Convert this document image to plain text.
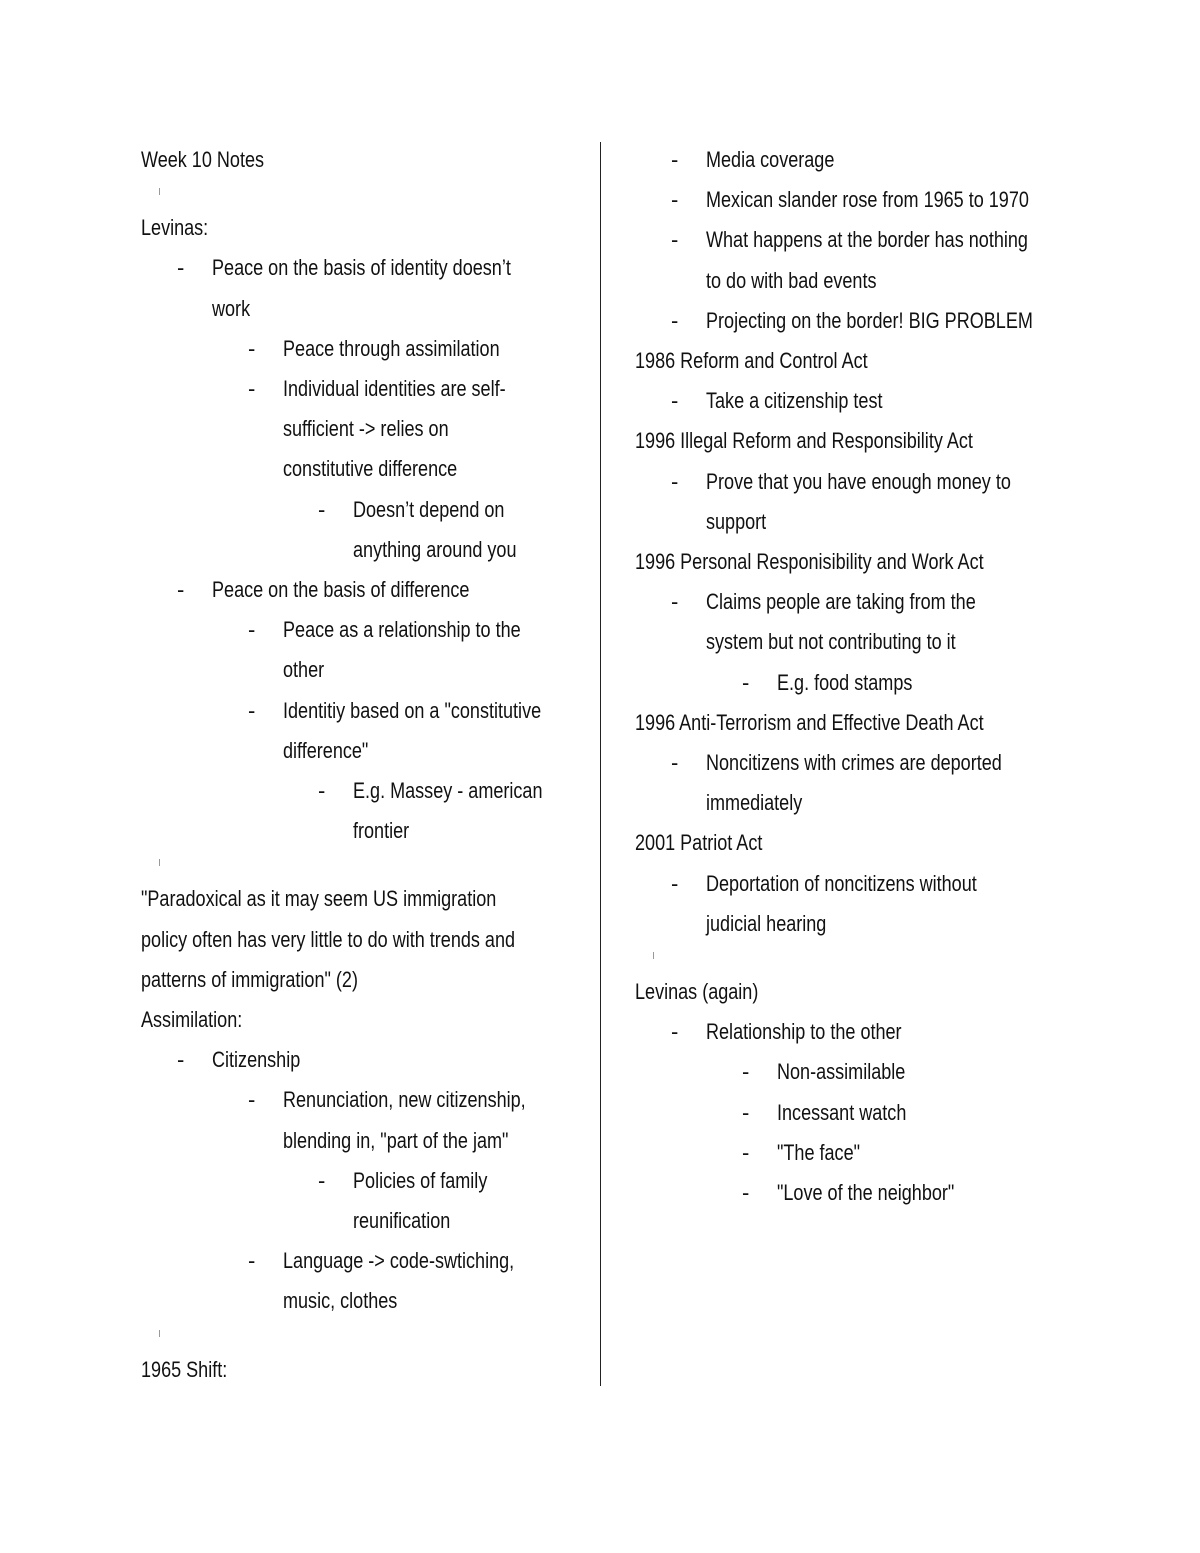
Week 10 Notes
Levinas:
- Peace on the basis of identity doesn’t
work
- Peace through assimilation
- Individual identities are self-
sufficient -> relies on
constitutive difference
- Doesn’t depend on
anything around you
- Peace on the basis of difference
- Peace as a relationship to the
other
- Identitiy based on a "constitutive
difference"
- E.g. Massey - american
frontier
"Paradoxical as it may seem US immigration
policy often has very little to do with trends and
patterns of immigration" (2)
Assimilation:
- Citizenship
- Renunciation, new citizenship,
blending in, "part of the jam"
- Policies of family
reunification
- Language -> code-swtiching,
music, clothes
1965 Shift:
- Media coverage
- Mexican slander rose from 1965 to 1970
- What happens at the border has nothing
to do with bad events
- Projecting on the border! BIG PROBLEM
1986 Reform and Control Act
- Take a citizenship test
1996 Illegal Reform and Responsibility Act
- Prove that you have enough money to
support
1996 Personal Responisibility and Work Act
- Claims people are taking from the
system but not contributing to it
- E.g. food stamps
1996 Anti-Terrorism and Effective Death Act
- Noncitizens with crimes are deported
immediately
2001 Patriot Act
- Deportation of noncitizens without
judicial hearing
Levinas (again)
- Relationship to the other
- Non-assimilable
- Incessant watch
- "The face"
- "Love of the neighbor"
